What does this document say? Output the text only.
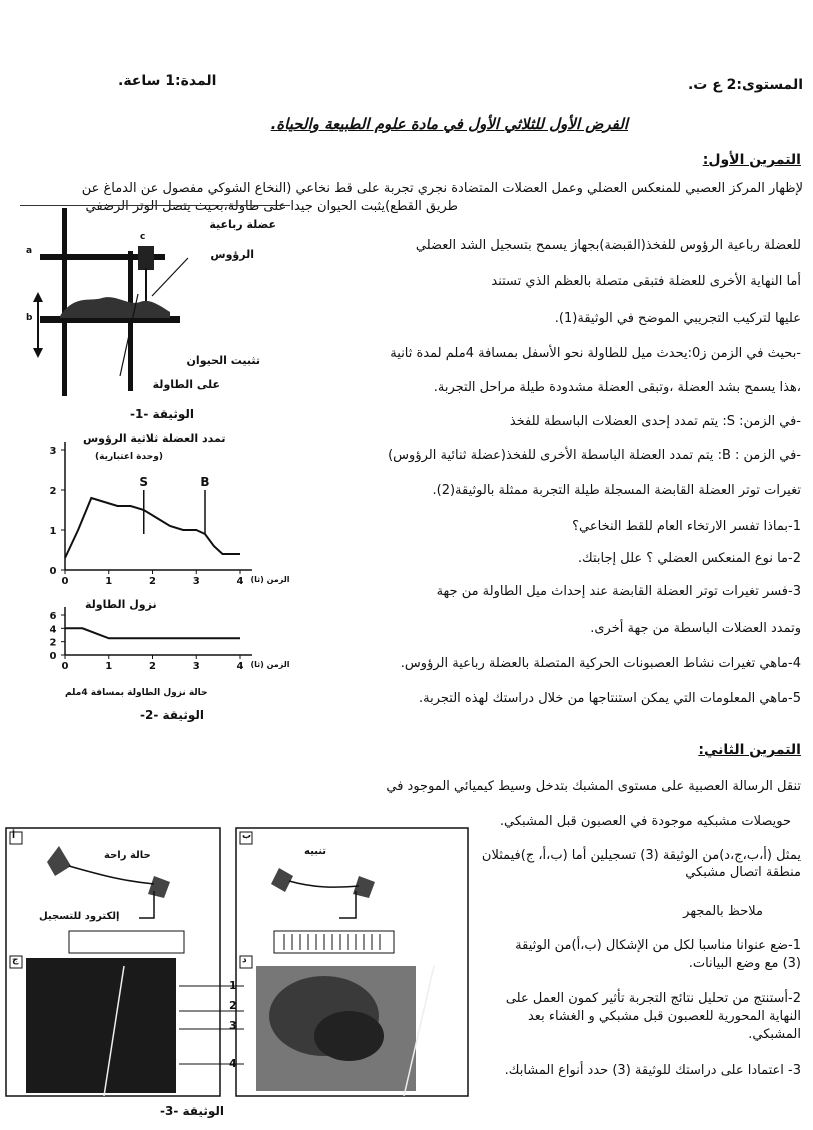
المستوى:2 ع ت.
المدة:1 ساعة.
الفرض الأول للثلاثي الأول في مادة علوم الطبيعة والحياة.
التمرين الأول:
لإظهار المركز العصبي للمنعكس العضلي وعمل العضلات المتضادة نجري تجربة على قط نخاعي (النخاع الشوكي مفصول عن الدماغ عن
طريق القطع)يثبت الحيوان جيدا على طاولة،بحيث يتصل الوتر الرضفي
للعضلة رباعية الرؤوس للفخذ(القبضة)بجهاز يسمح بتسجيل الشد العضلي
أما النهاية الأخرى للعضلة فتبقى متصلة بالعظم الذي تستند
عليها لتركيب التجريبي الموضح في الوثيقة(1).
-بحيث في الزمن ز0:يحدث ميل للطاولة نحو الأسفل بمسافة 4ملم لمدة ثانية
،هذا يسمح بشد العضلة ،وتبقى العضلة مشدودة طيلة مراحل التجربة.
-في الزمن: S: يتم تمدد إحدى العضلات الباسطة للفخذ
-في الزمن : B: يتم تمدد العضلة الباسطة الأخرى للفخذ(عضلة ثنائية الرؤوس)
تغيرات توتر العضلة القابضة المسجلة طيلة التجربة ممثلة بالوثيقة(2).
1-بماذا تفسر الارتخاء العام للقط النخاعي؟
2-ما نوع المنعكس العضلي ؟ علل إجابتك.
3-فسر تغيرات توتر العضلة القابضة عند إحداث ميل الطاولة من جهة
وتمدد العضلات الباسطة من جهة أخرى.
4-ماهي تغيرات نشاط العصبونات الحركية المتصلة بالعضلة رباعية الرؤوس.
5-ماهي المعلومات التي يمكن استنتاجها من خلال دراستك لهذه التجربة.
a
b
c
عضلة رباعية
الرؤوس
تثبيت الحيوان
على الطاولة
الوثيقة -1-
0	1	2	3	4
0
1
2
3
الزمن (ثا)
S	B
0	1	2	3	4
0
2
4
6
الزمن (ثا)
تمدد العضلة ثلاثية الرؤوس
(وحدة اعتبارية)
نزول الطاولة
حالة نزول الطاولة بمسافة 4ملم
الوثيقة -2-
التمرين الثاني:
تنقل الرسالة العصبية على مستوى المشبك بتدخل وسيط كيميائي الموجود في
حويصلات مشبكيه موجودة في العصبون قبل المشبكي.
يمثل (أ،ب،ج،د)من الوثيقة (3) تسجيلين أما (ب،أ، ج)فيمثلان
منطقة اتصال مشبكي
ملاحظ بالمجهر
1-ضع عنوانا مناسبا لكل من الإشكال (ب،أ)من الوثيقة
(3) مع وضع البيانات.
2-أستنتج من تحليل نتائج التجربة تأثير كمون العمل على
النهاية المحورية للعصبون قبل مشبكي و الغشاء بعد
المشبكي.
3- اعتمادا على دراستك للوثيقة (3) حدد أنواع المشابك.
أ	ب
ج	د
حالة راحة	تنبيه
إلكترود للتسجيل
1
2
3
4
الوثيقة -3-
